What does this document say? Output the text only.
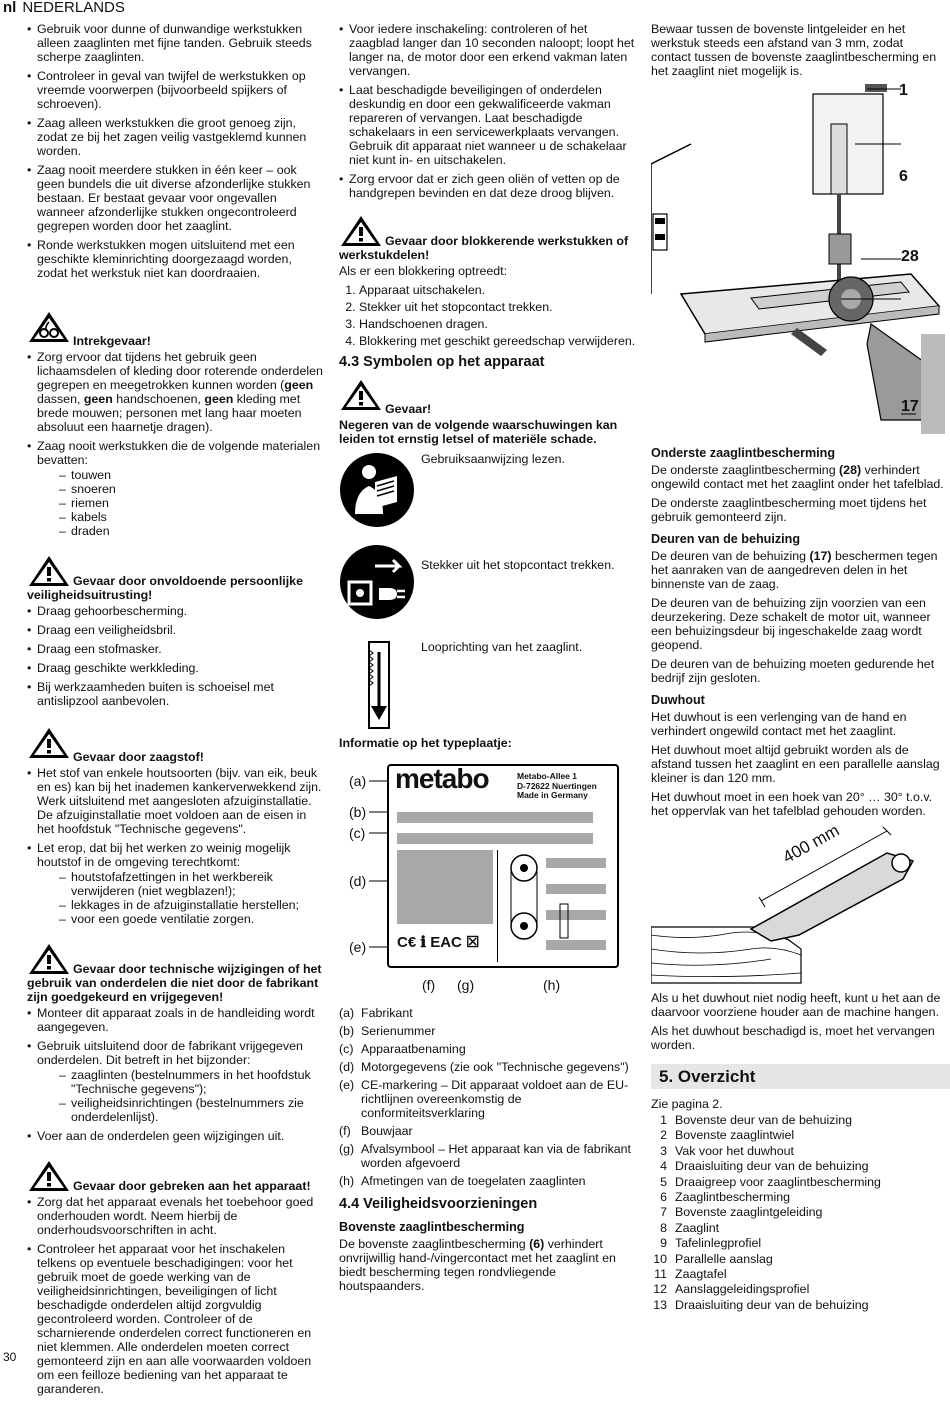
nl NEDERLANDS
30
• Gebruik voor dunne of dunwandige werkstukken alleen zaaglinten met fijne tanden. Gebruik steeds scherpe zaaglinten.
• Controleer in geval van twijfel de werkstukken op vreemde voorwerpen (bijvoorbeeld spijkers of schroeven).
• Zaag alleen werkstukken die groot genoeg zijn, zodat ze bij het zagen veilig vastgeklemd kunnen worden.
• Zaag nooit meerdere stukken in één keer – ook geen bundels die uit diverse afzonderlijke stukken bestaan. Er bestaat gevaar voor ongevallen wanneer afzonderlijke stukken ongecontroleerd gegrepen worden door het zaaglint.
• Ronde werkstukken mogen uitsluitend met een geschikte kleminrichting doorgezaagd worden, zodat het werkstuk niet kan doordraaien.
Intrekgevaar!
• Zorg ervoor dat tijdens het gebruik geen lichaamsdelen of kleding door roterende onderdelen gegrepen en meegetrokken kunnen worden (geen dassen, geen handschoenen, geen kleding met brede mouwen; personen met lang haar moeten absoluut een haarnetje dragen).
• Zaag nooit werkstukken die de volgende materialen bevatten:
– touwen
– snoeren
– riemen
– kabels
– draden
Gevaar door onvoldoende persoonlijke veiligheidsuitrusting!
• Draag gehoorbescherming.
• Draag een veiligheidsbril.
• Draag een stofmasker.
• Draag geschikte werkkleding.
• Bij werkzaamheden buiten is schoeisel met antislipzool aanbevolen.
Gevaar door zaagstof!
• Het stof van enkele houtsoorten (bijv. van eik, beuk en es) kan bij het inademen kankerverwekkend zijn. Werk uitsluitend met aangesloten afzuiginstallatie. De afzuiginstallatie moet voldoen aan de eisen in het hoofdstuk "Technische gegevens".
• Let erop, dat bij het werken zo weinig mogelijk houtstof in de omgeving terechtkomt:
– houtstofafzettingen in het werkbereik verwijderen (niet wegblazen!);
– lekkages in de afzuiginstallatie herstellen;
– voor een goede ventilatie zorgen.
Gevaar door technische wijzigingen of het gebruik van onderdelen die niet door de fabrikant zijn goedgekeurd en vrijgegeven!
• Monteer dit apparaat zoals in de handleiding wordt aangegeven.
• Gebruik uitsluitend door de fabrikant vrijgegeven onderdelen. Dit betreft in het bijzonder:
– zaaglinten (bestelnummers in het hoofdstuk "Technische gegevens");
– veiligheidsinrichtingen (bestelnummers zie onderdelenlijst).
• Voer aan de onderdelen geen wijzigingen uit.
Gevaar door gebreken aan het apparaat!
• Zorg dat het apparaat evenals het toebehoor goed onderhouden wordt. Neem hierbij de onderhoudsvoorschriften in acht.
• Controleer het apparaat voor het inschakelen telkens op eventuele beschadigingen: voor het gebruik moet de goede werking van de veiligheidsinrichtingen, beveiligingen of licht beschadigde onderdelen altijd zorgvuldig gecontroleerd worden. Controleer of de scharnierende onderdelen correct functioneren en niet klemmen. Alle onderdelen moeten correct gemonteerd zijn en aan alle voorwaarden voldoen om een feilloze bediening van het apparaat te garanderen.
• Voor iedere inschakeling: controleren of het zaagblad langer dan 10 seconden naloopt; loopt het langer na, de motor door een erkend vakman laten vervangen.
• Laat beschadigde beveiligingen of onderdelen deskundig en door een gekwalificeerde vakman repareren of vervangen. Laat beschadigde schakelaars in een servicewerkplaats vervangen. Gebruik dit apparaat niet wanneer u de schakelaar niet kunt in- en uitschakelen.
• Zorg ervoor dat er zich geen oliën of vetten op de handgrepen bevinden en dat deze droog blijven.
Gevaar door blokkerende werkstukken of werkstukdelen!

Als er een blokkering optreedt:

1. Apparaat uitschakelen.
2. Stekker uit het stopcontact trekken.
3. Handschoenen dragen.
4. Blokkering met geschikt gereedschap verwijderen.
4.3 Symbolen op het apparaat
Gevaar!

Negeren van de volgende waarschuwingen kan leiden tot ernstig letsel of materiële schade.

Gebruiksaanwijzing lezen.
Stekker uit het stopcontact trekken.
Looprichting van het zaaglint.

Informatie op het typeplaatje:

(a)
(b)
(c)
(d)
(e)
metabo	Metabo-Allee 1
D-72622 Nuertingen
Made in Germany
C€ ℹ EAC ☒
(f) (g)	(h)
(a) Fabrikant
(b) Serienummer
(c) Apparaatbenaming
(d) Motorgegevens (zie ook "Technische gegevens")
(e) CE-markering – Dit apparaat voldoet aan de EU-richtlijnen overeenkomstig de conformiteitsverklaring
(f) Bouwjaar
(g) Afvalsymbool – Het apparaat kan via de fabrikant worden afgevoerd
(h) Afmetingen van de toegelaten zaaglinten
4.4 Veiligheidsvoorzieningen
Bovenste zaaglintbescherming

De bovenste zaaglintbescherming (6) verhindert onvrijwillig hand-/vingercontact met het zaaglint en biedt bescherming tegen rondvliegende houtspaanders.

Bewaar tussen de bovenste lintgeleider en het werkstuk steeds een afstand van 3 mm, zodat contact tussen de bovenste zaaglintbescherming en het zaaglint niet mogelijk is.

1
6
28
17
Onderste zaaglintbescherming

De onderste zaaglintbescherming (28) verhindert ongewild contact met het zaaglint onder het tafelblad.

De onderste zaaglintbescherming moet tijdens het gebruik gemonteerd zijn.

Deuren van de behuizing

De deuren van de behuizing (17) beschermen tegen het aanraken van de aangedreven delen in het binnenste van de zaag.

De deuren van de behuizing zijn voorzien van een deurzekering. Deze schakelt de motor uit, wanneer een behuizingsdeur bij ingeschakelde zaag wordt geopend.

De deuren van de behuizing moeten gedurende het bedrijf zijn gesloten.

Duwhout

Het duwhout is een verlenging van de hand en verhindert ongewild contact met het zaaglint.

Het duwhout moet altijd gebruikt worden als de afstand tussen het zaaglint en een parallelle aanslag kleiner is dan 120 mm.

Het duwhout moet in een hoek van 20° … 30° t.o.v. het oppervlak van het tafelblad gehouden worden.

400 mm

Als u het duwhout niet nodig heeft, kunt u het aan de daarvoor voorziene houder aan de machine hangen.

Als het duwhout beschadigd is, moet het vervangen worden.

5. Overzicht

Zie pagina 2.

1 Bovenste deur van de behuizing
2 Bovenste zaaglintwiel
3 Vak voor het duwhout
4 Draaisluiting deur van de behuizing
5 Draaigreep voor zaaglintbescherming
6 Zaaglintbescherming
7 Bovenste zaaglintgeleiding
8 Zaaglint
9 Tafelinlegprofiel
10 Parallelle aanslag
11 Zaagtafel
12 Aanslaggeleidingsprofiel
13 Draaisluiting deur van de behuizing
